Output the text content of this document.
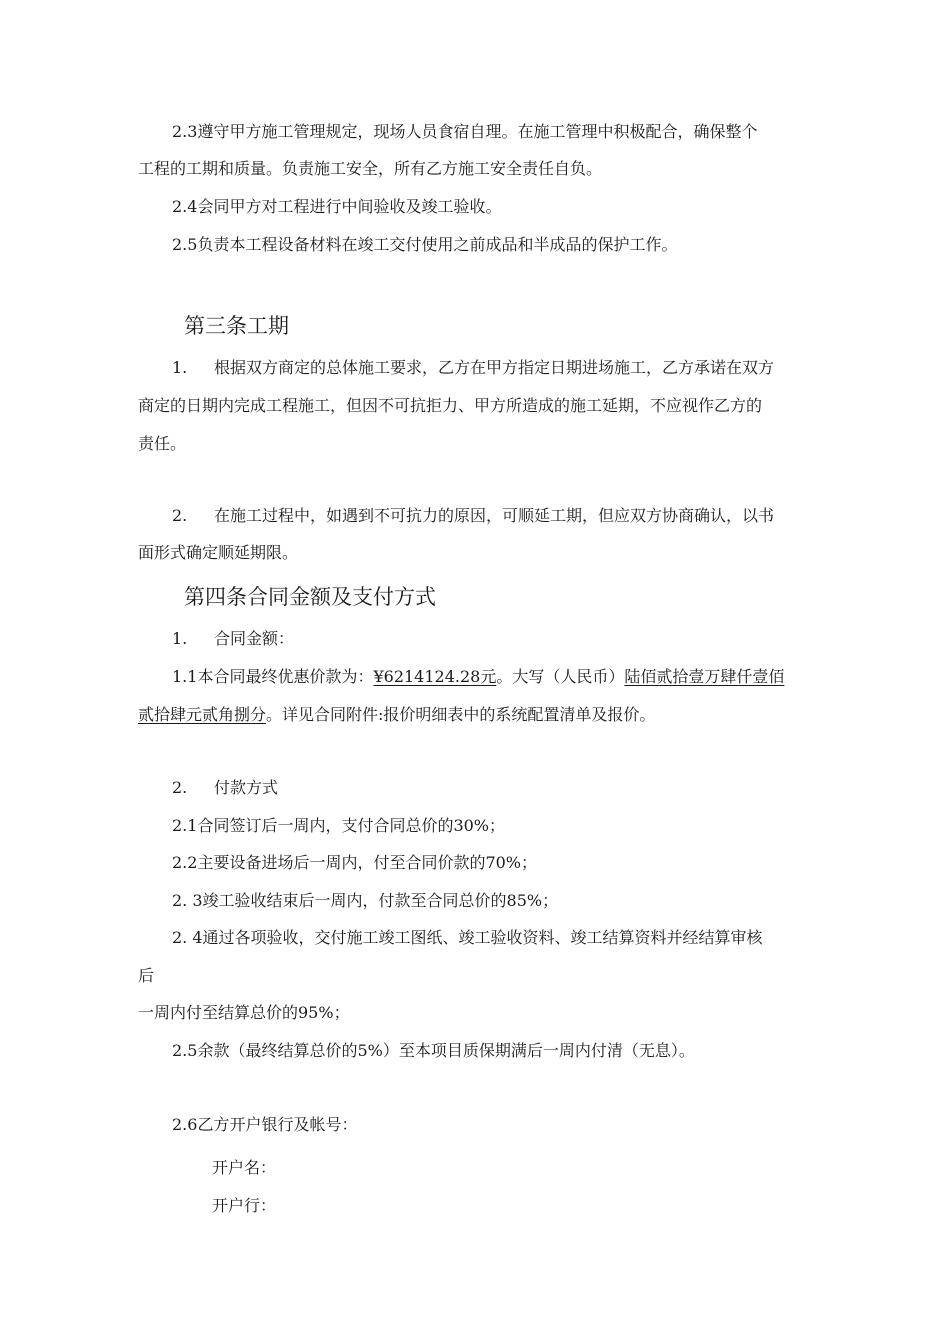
2.3遵守甲方施工管理规定，现场人员食宿自理。在施工管理中积极配合，确保整个
工程的工期和质量。负责施工安全，所有乙方施工安全责任自负。
2.4会同甲方对工程进行中间验收及竣工验收。
2.5负责本工程设备材料在竣工交付使用之前成品和半成品的保护工作。
第三条工期
1. 根据双方商定的总体施工要求，乙方在甲方指定日期进场施工，乙方承诺在双方
商定的日期内完成工程施工，但因不可抗拒力、甲方所造成的施工延期，不应视作乙方的
责任。
2. 在施工过程中，如遇到不可抗力的原因，可顺延工期，但应双方协商确认，以书
面形式确定顺延期限。
第四条合同金额及支付方式
1. 合同金额：
1.1本合同最终优惠价款为：¥6214124.28元。大写（人民币）陆佰贰拾壹万肆仟壹佰
贰拾肆元贰角捌分。详见合同附件:报价明细表中的系统配置清单及报价。
2. 付款方式
2.1合同签订后一周内，支付合同总价的30%；
2.2主要设备进场后一周内，付至合同价款的70%；
2. 3竣工验收结束后一周内，付款至合同总价的85%；
2. 4通过各项验收，交付施工竣工图纸、竣工验收资料、竣工结算资料并经结算审核
后
一周内付至结算总价的95%；
2.5余款（最终结算总价的5%）至本项目质保期满后一周内付清（无息）。
2.6乙方开户银行及帐号：
开户名：
开户行：
